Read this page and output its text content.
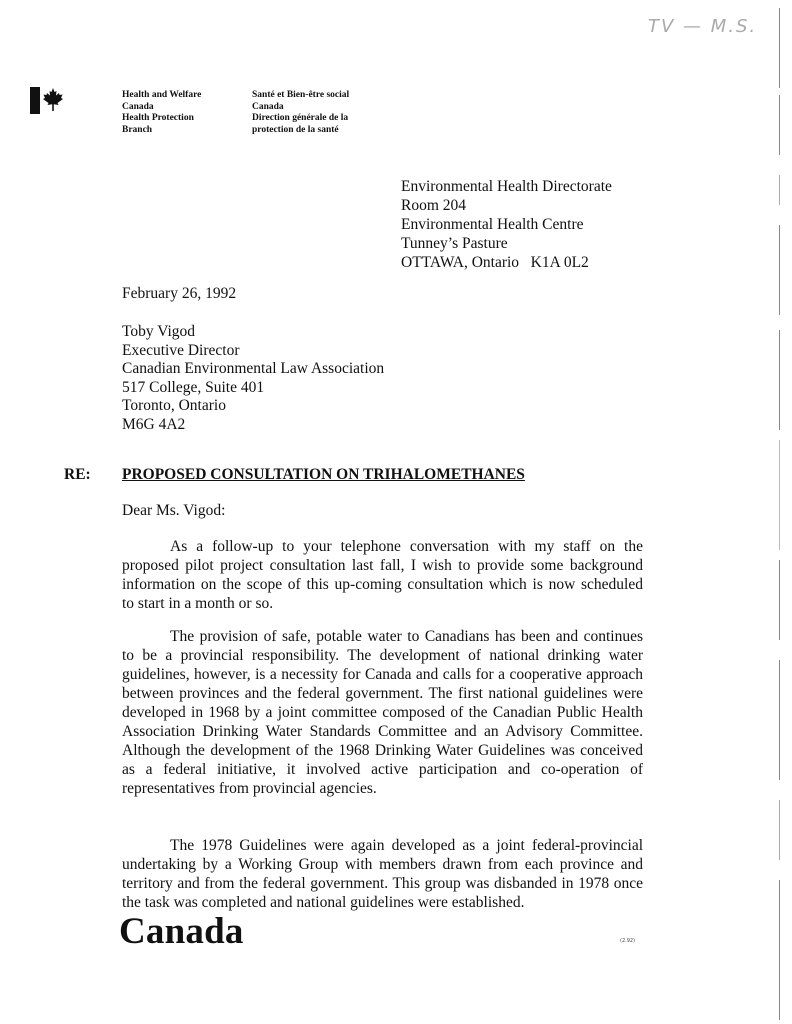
TV — M.S.
Health and Welfare
Canada
Health Protection
Branch
Santé et Bien-être social
Canada
Direction générale de la
protection de la santé
Environmental Health Directorate
Room 204
Environmental Health Centre
Tunney’s Pasture
OTTAWA, Ontario   K1A 0L2
February 26, 1992
Toby Vigod
Executive Director
Canadian Environmental Law Association
517 College, Suite 401
Toronto, Ontario
M6G 4A2
RE: PROPOSED CONSULTATION ON TRIHALOMETHANES
Dear Ms. Vigod:
As a follow-up to your telephone conversation with my staff on the
proposed pilot project consultation last fall, I wish to provide some background
information on the scope of this up-coming consultation which is now scheduled
to start in a month or so.
The provision of safe, potable water to Canadians has been and continues
to be a provincial responsibility. The development of national drinking water
guidelines, however, is a necessity for Canada and calls for a cooperative approach
between provinces and the federal government. The first national guidelines were
developed in 1968 by a joint committee composed of the Canadian Public Health
Association Drinking Water Standards Committee and an Advisory Committee.
Although the development of the 1968 Drinking Water Guidelines was conceived
as a federal initiative, it involved active participation and co-operation of
representatives from provincial agencies.
The 1978 Guidelines were again developed as a joint federal-provincial
undertaking by a Working Group with members drawn from each province and
territory and from the federal government. This group was disbanded in 1978 once
the task was completed and national guidelines were established.
Canada	(2.92)
